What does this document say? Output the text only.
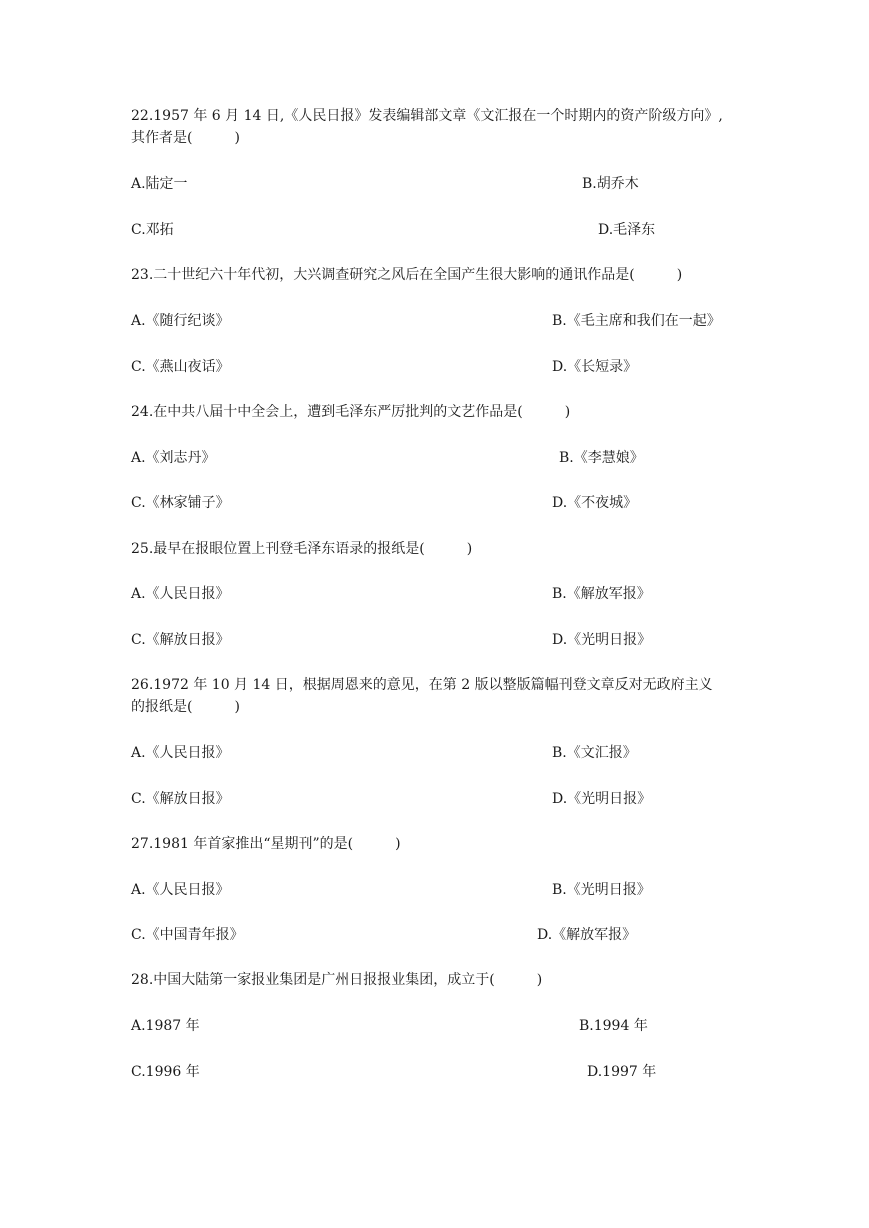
22.1957 年 6 月 14 日,《人民日报》发表编辑部文章《文汇报在一个时期内的资产阶级方向》,
其作者是(　　　)
A.陆定一	B.胡乔木
C.邓拓	D.毛泽东
23.二十世纪六十年代初，大兴调查研究之风后在全国产生很大影响的通讯作品是(　　　)
A.《随行纪谈》	B.《毛主席和我们在一起》
C.《燕山夜话》	D.《长短录》
24.在中共八届十中全会上，遭到毛泽东严厉批判的文艺作品是(　　　)
A.《刘志丹》	B.《李慧娘》
C.《林家铺子》	D.《不夜城》
25.最早在报眼位置上刊登毛泽东语录的报纸是(　　　)
A.《人民日报》	B.《解放军报》
C.《解放日报》	D.《光明日报》
26.1972 年 10 月 14 日，根据周恩来的意见，在第 2 版以整版篇幅刊登文章反对无政府主义
的报纸是(　　　)
A.《人民日报》	B.《文汇报》
C.《解放日报》	D.《光明日报》
27.1981 年首家推出“星期刊”的是(　　　)
A.《人民日报》	B.《光明日报》
C.《中国青年报》	D.《解放军报》
28.中国大陆第一家报业集团是广州日报报业集团，成立于(　　　)
A.1987 年	B.1994 年
C.1996 年	D.1997 年
